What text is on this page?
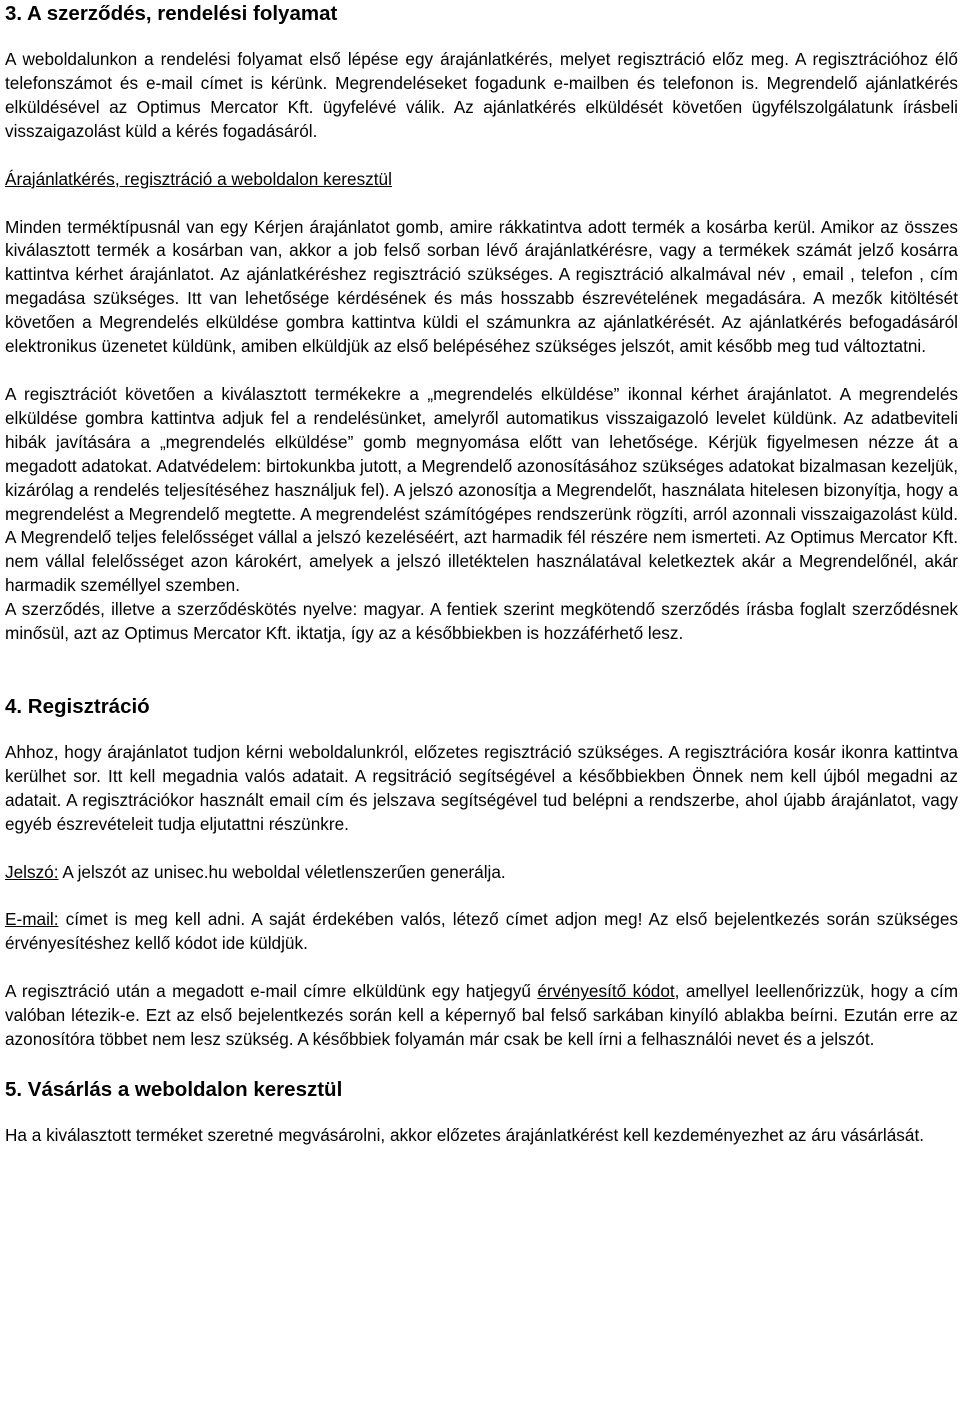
3. A szerződés, rendelési folyamat

A weboldalunkon a rendelési folyamat első lépése egy árajánlatkérés, melyet regisztráció előz meg. A regisztrációhoz élő telefonszámot és e-mail címet is kérünk. Megrendeléseket fogadunk e-mailben és telefonon is. Megrendelő ajánlatkérés elküldésével az Optimus Mercator Kft. ügyfelévé válik. Az ajánlatkérés elküldését követően ügyfélszolgálatunk írásbeli visszaigazolást küld a kérés fogadásáról.

Árajánlatkérés, regisztráció a weboldalon keresztül

Minden terméktípusnál van egy Kérjen árajánlatot gomb, amire rákkatintva adott termék a kosárba kerül. Amikor az összes kiválasztott termék a kosárban van, akkor a job felső sorban lévő árajánlatkérésre, vagy a termékek számát jelző kosárra kattintva kérhet árajánlatot. Az ajánlatkéréshez regisztráció szükséges. A regisztráció alkalmával név , email , telefon , cím megadása szükséges. Itt van lehetősége kérdésének és más hosszabb észrevételének megadására. A mezők kitöltését követően a Megrendelés elküldése gombra kattintva küldi el számunkra az ajánlatkérését. Az ajánlatkérés befogadásáról elektronikus üzenetet küldünk, amiben elküldjük az első belépéséhez szükséges jelszót, amit később meg tud változtatni.

A regisztrációt követően a kiválasztott termékekre a „megrendelés elküldése” ikonnal kérhet árajánlatot. A megrendelés elküldése gombra kattintva adjuk fel a rendelésünket, amelyről automatikus visszaigazoló levelet küldünk. Az adatbeviteli hibák javítására a „megrendelés elküldése” gomb megnyomása előtt van lehetősége. Kérjük figyelmesen nézze át a megadott adatokat. Adatvédelem: birtokunkba jutott, a Megrendelő azonosításához szükséges adatokat bizalmasan kezeljük, kizárólag a rendelés teljesítéséhez használjuk fel). A jelszó azonosítja a Megrendelőt, használata hitelesen bizonyítja, hogy a megrendelést a Megrendelő megtette. A megrendelést számítógépes rendszerünk rögzíti, arról azonnali visszaigazolást küld. A Megrendelő teljes felelősséget vállal a jelszó kezeléséért, azt harmadik fél részére nem ismerteti. Az Optimus Mercator Kft. nem vállal felelősséget azon károkért, amelyek a jelszó illetéktelen használatával keletkeztek akár a Megrendelőnél, akár harmadik személlyel szemben.

A szerződés, illetve a szerződéskötés nyelve: magyar. A fentiek szerint megkötendő szerződés írásba foglalt szerződésnek minősül, azt az Optimus Mercator Kft. iktatja, így az a későbbiekben is hozzáférhető lesz.

4. Regisztráció

Ahhoz, hogy árajánlatot tudjon kérni weboldalunkról, előzetes regisztráció szükséges. A regisztrációra kosár ikonra kattintva kerülhet sor. Itt kell megadnia valós adatait. A regsitráció segítségével a későbbiekben Önnek nem kell újból megadni az adatait. A regisztrációkor használt email cím és jelszava segítségével tud belépni a rendszerbe, ahol újabb árajánlatot, vagy egyéb észrevételeit tudja eljutattni részünkre.

Jelszó: A jelszót az unisec.hu weboldal véletlenszerűen generálja.

E-mail: címet is meg kell adni. A saját érdekében valós, létező címet adjon meg! Az első bejelentkezés során szükséges érvényesítéshez kellő kódot ide küldjük.

A regisztráció után a megadott e-mail címre elküldünk egy hatjegyű érvényesítő kódot, amellyel leellenőrizzük, hogy a cím valóban létezik-e. Ezt az első bejelentkezés során kell a képernyő bal felső sarkában kinyíló ablakba beírni. Ezután erre az azonosítóra többet nem lesz szükség. A későbbiek folyamán már csak be kell írni a felhasználói nevet és a jelszót.

5. Vásárlás a weboldalon keresztül

Ha a kiválasztott terméket szeretné megvásárolni, akkor előzetes árajánlatkérést kell kezdeményezhet az áru vásárlását.
